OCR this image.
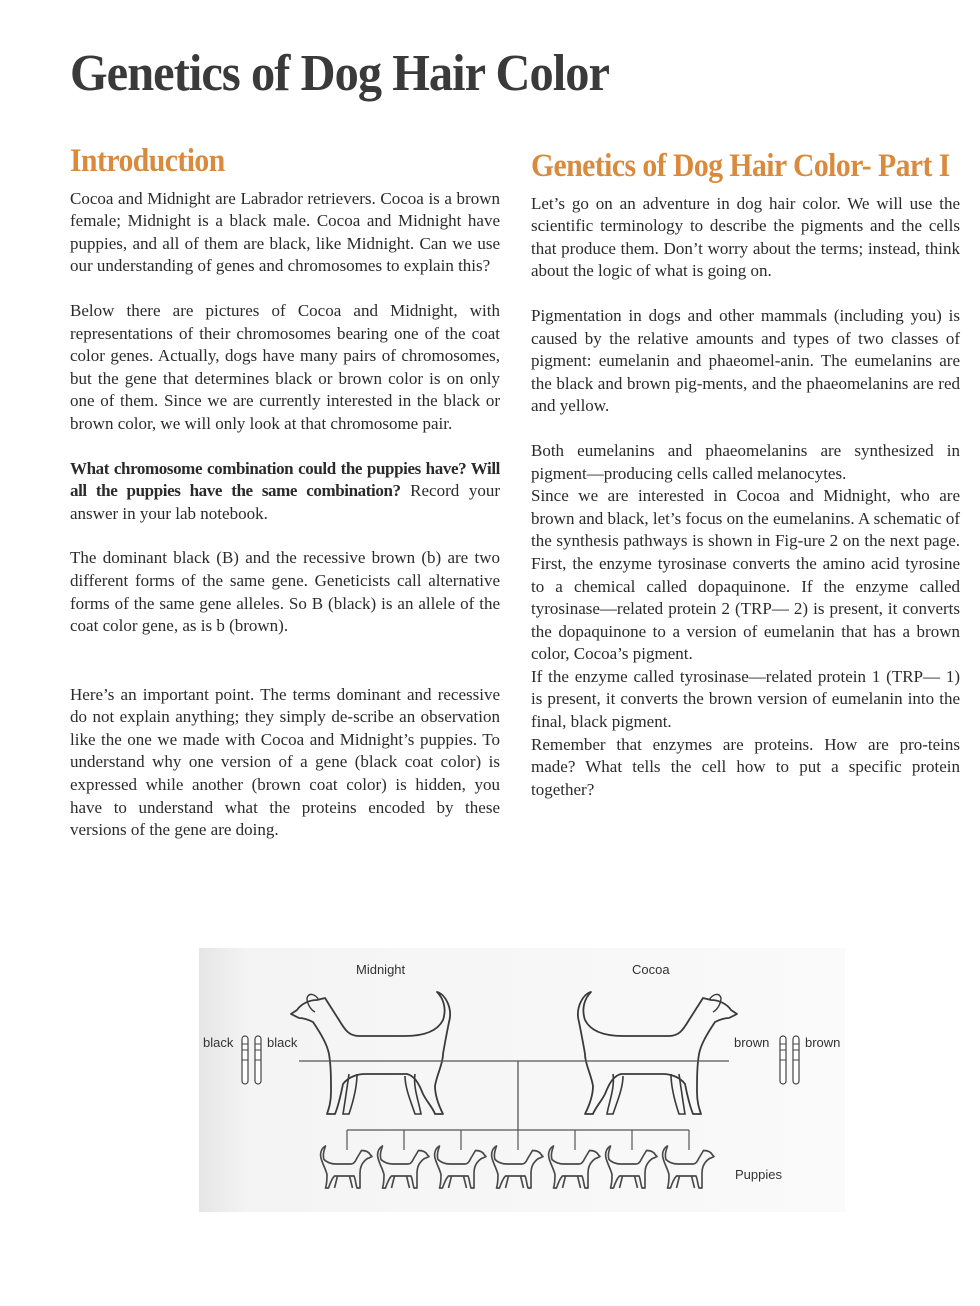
Genetics of Dog Hair Color
Introduction

Cocoa and Midnight are Labrador retrievers. Cocoa is a brown female; Midnight is a black male. Cocoa and Midnight have puppies, and all of them are black, like Midnight. Can we use our understanding of genes and chromosomes to explain this?

Below there are pictures of Cocoa and Midnight, with representations of their chromosomes bearing one of the coat color genes. Actually, dogs have many pairs of chromosomes, but the gene that determines black or brown color is on only one of them. Since we are currently interested in the black or brown color, we will only look at that chromosome pair.

What chromosome combination could the puppies have? Will all the puppies have the same combination? Record your answer in your lab notebook.

The dominant black (B) and the recessive brown (b) are two different forms of the same gene. Geneticists call alternative forms of the same gene alleles. So B (black) is an allele of the coat color gene, as is b (brown).

Here’s an important point. The terms dominant and recessive do not explain anything; they simply de-scribe an observation like the one we made with Cocoa and Midnight’s puppies. To understand why one version of a gene (black coat color) is expressed while another (brown coat color) is hidden, you have to understand what the proteins encoded by these versions of the gene are doing.

Genetics of Dog Hair Color- Part I

Let’s go on an adventure in dog hair color. We will use the scientific terminology to describe the pigments and the cells that produce them. Don’t worry about the terms; instead, think about the logic of what is going on.

Pigmentation in dogs and other mammals (including you) is caused by the relative amounts and types of two classes of pigment: eumelanin and phaeomel-anin. The eumelanins are the black and brown pig-ments, and the phaeomelanins are red and yellow.

Both eumelanins and phaeomelanins are synthesized in pigment—producing cells called melanocytes.

Since we are interested in Cocoa and Midnight, who are brown and black, let’s focus on the eumelanins. A schematic of the synthesis pathways is shown in Fig-ure 2 on the next page. First, the enzyme tyrosinase converts the amino acid tyrosine to a chemical called dopaquinone. If the enzyme called tyrosinase—related protein 2 (TRP— 2) is present, it converts the dopaquinone to a version of eumelanin that has a brown color, Cocoa’s pigment.

If the enzyme called tyrosinase—related protein 1 (TRP— 1) is present, it converts the brown version of eumelanin into the final, black pigment.

Remember that enzymes are proteins. How are pro-teins made? What tells the cell how to put a specific protein together?

Midnight	Cocoa
black	black	brown	brown
Puppies
